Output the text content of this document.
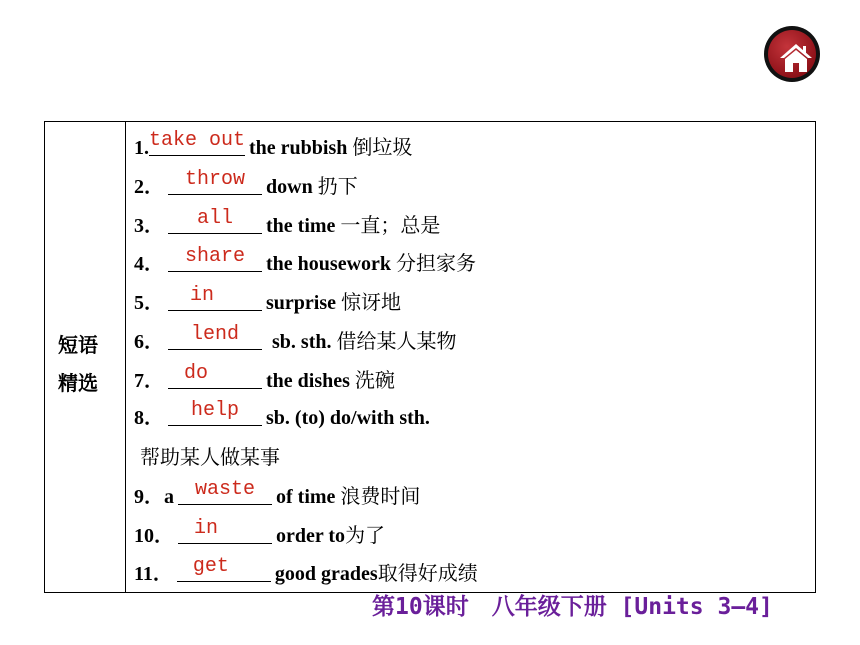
短语
精选
1. take out the rubbish 倒垃圾
2． throw down 扔下
3． all the time 一直；总是
4． share the housework 分担家务
5． in	surprise 惊讶地
6． lend sb. sth. 借给某人某物
7． do	the dishes 洗碗
8． help sb. (to) do/with sth.
帮助某人做某事
9．a waste of time 浪费时间
10． in	order to为了
11． get good grades取得好成绩
第10课时　八年级下册 [Units 3—4]
